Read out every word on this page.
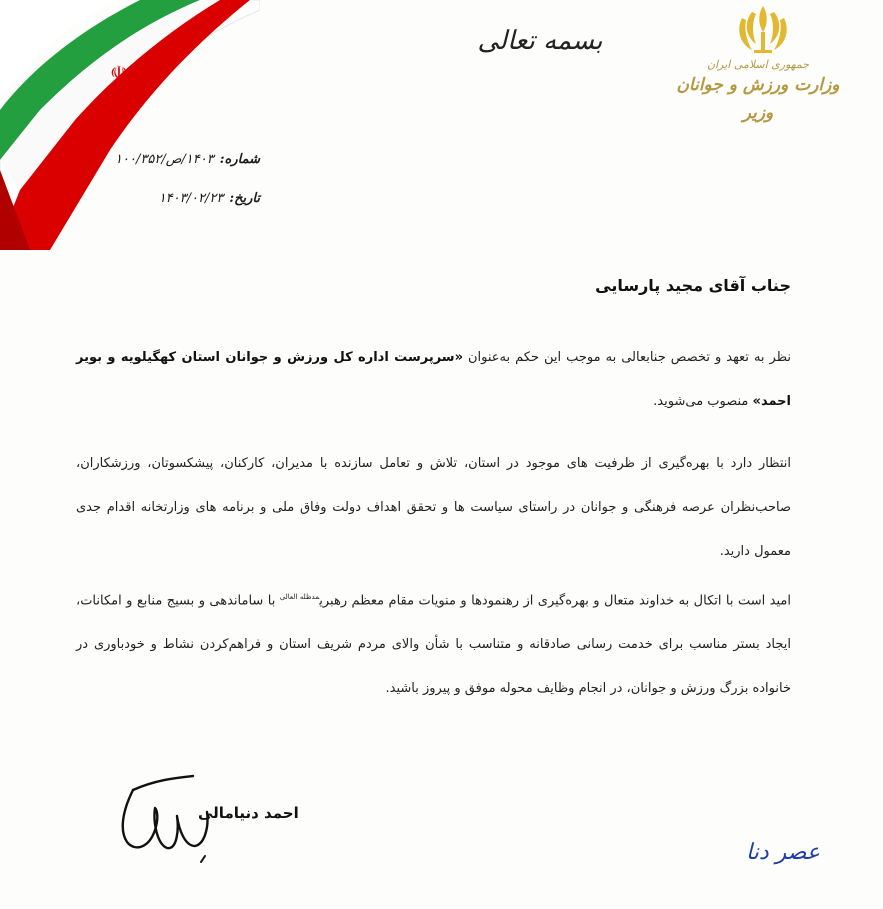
☫
بسمه تعالی
جمهوری اسلامی ایران
وزارت ورزش و جوانان
وزیر
شماره:
۱۴۰۳/ص/۱۰۰/۳۵۲
تاریخ:
۱۴۰۳/۰۲/۲۳
جناب آقای مجید پارسایی
نظر به تعهد و تخصص جنابعالی به موجب این حکم به‌عنوان «سرپرست اداره کل ورزش و جوانان استان کهگیلویه و بویر احمد» منصوب می‌شوید.
انتظار دارد با بهره‌گیری از ظرفیت های موجود در استان، تلاش و تعامل سازنده با مدیران، کارکنان، پیشکسوتان، ورزشکاران، صاحب‌نظران عرصه فرهنگی و جوانان در راستای سیاست ها و تحقق اهداف دولت وفاق ملی و برنامه های وزارتخانه اقدام جدی معمول دارید.
امید است با اتکال به خداوند متعال و بهره‌گیری از رهنمودها و منویات مقام معظم رهبری$^{مدظله العالی}$ با ساماندهی و بسیج منابع و امکانات، ایجاد بستر مناسب برای خدمت رسانی صادقانه و متناسب با شأن والای مردم شریف استان و فراهم‌کردن نشاط و خودباوری در خانواده بزرگ ورزش و جوانان، در انجام وظایف محوله موفق و پیروز باشید.
احمد دنیامالی
عصر دنا
